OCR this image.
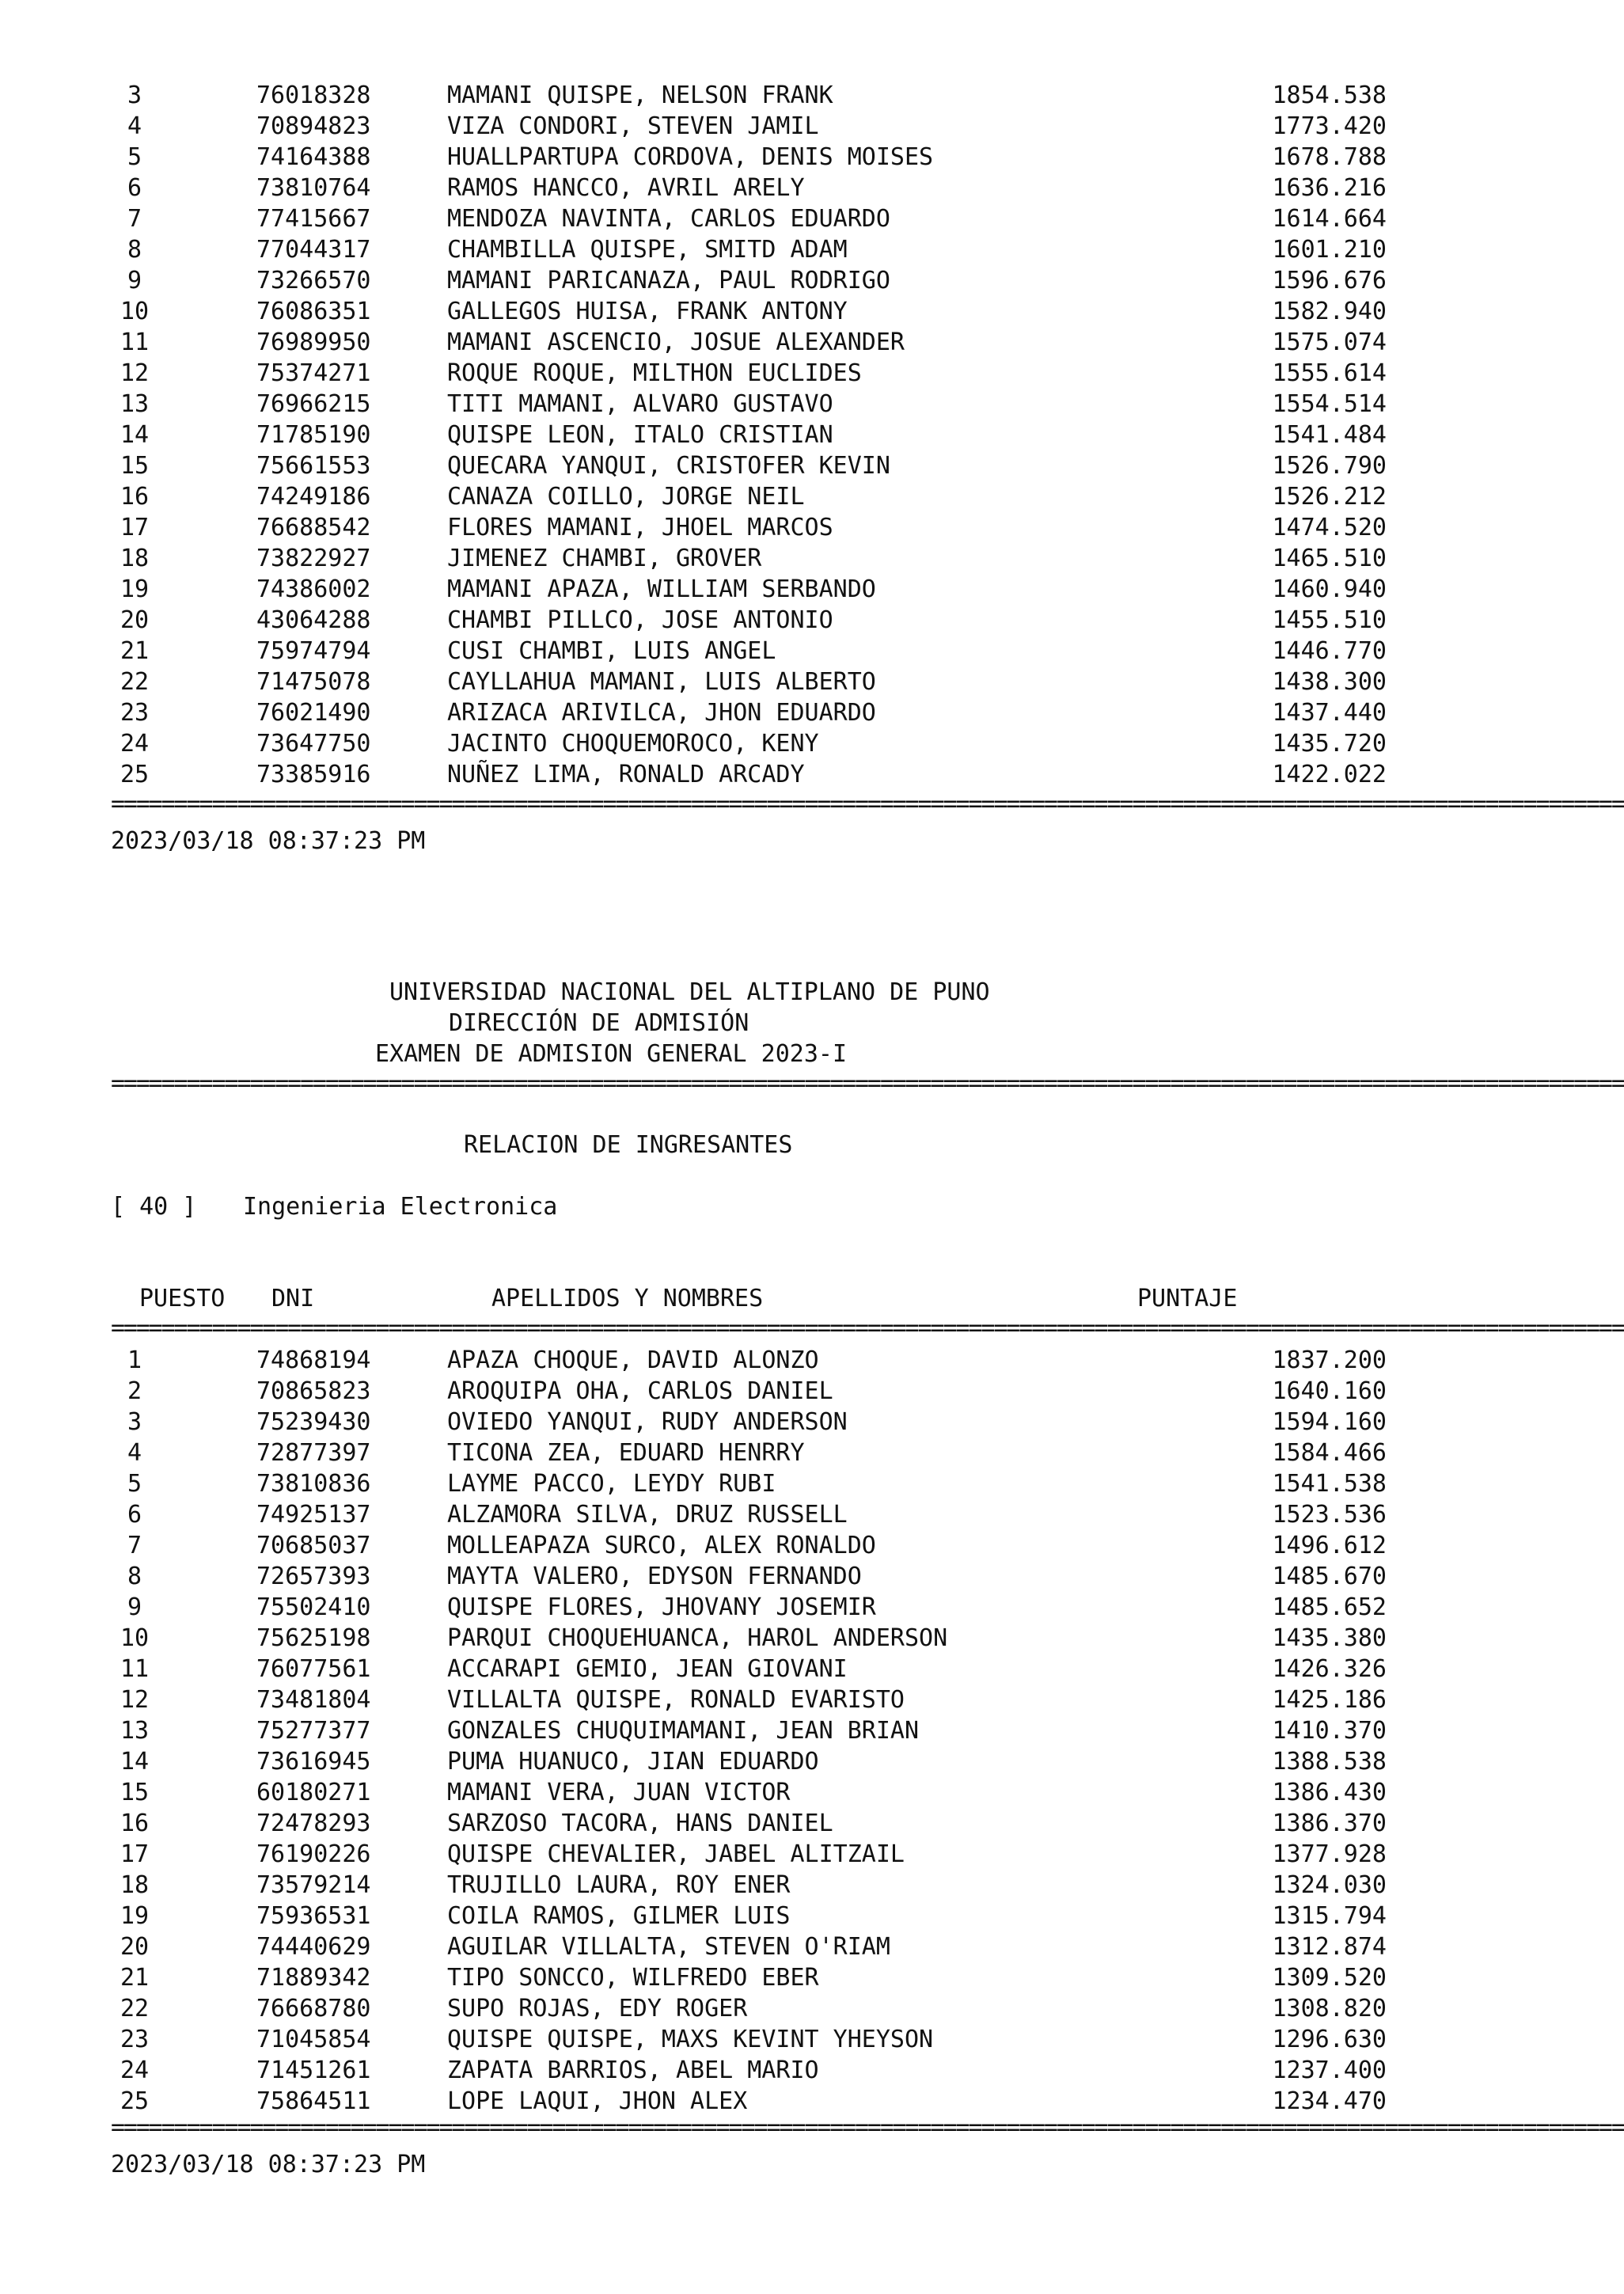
3	76018328	MAMANI QUISPE, NELSON FRANK	1854.538
4	70894823	VIZA CONDORI, STEVEN JAMIL	1773.420
5	74164388	HUALLPARTUPA CORDOVA, DENIS MOISES	1678.788
6	73810764	RAMOS HANCCO, AVRIL ARELY	1636.216
7	77415667	MENDOZA NAVINTA, CARLOS EDUARDO	1614.664
8	77044317	CHAMBILLA QUISPE, SMITD ADAM	1601.210
9	73266570	MAMANI PARICANAZA, PAUL RODRIGO	1596.676
10	76086351	GALLEGOS HUISA, FRANK ANTONY	1582.940
11	76989950	MAMANI ASCENCIO, JOSUE ALEXANDER	1575.074
12	75374271	ROQUE ROQUE, MILTHON EUCLIDES	1555.614
13	76966215	TITI MAMANI, ALVARO GUSTAVO	1554.514
14	71785190	QUISPE LEON, ITALO CRISTIAN	1541.484
15	75661553	QUECARA YANQUI, CRISTOFER KEVIN	1526.790
16	74249186	CANAZA COILLO, JORGE NEIL	1526.212
17	76688542	FLORES MAMANI, JHOEL MARCOS	1474.520
18	73822927	JIMENEZ CHAMBI, GROVER	1465.510
19	74386002	MAMANI APAZA, WILLIAM SERBANDO	1460.940
20	43064288	CHAMBI PILLCO, JOSE ANTONIO	1455.510
21	75974794	CUSI CHAMBI, LUIS ANGEL	1446.770
22	71475078	CAYLLAHUA MAMANI, LUIS ALBERTO	1438.300
23	76021490	ARIZACA ARIVILCA, JHON EDUARDO	1437.440
24	73647750	JACINTO CHOQUEMOROCO, KENY	1435.720
25	73385916	NUÑEZ LIMA, RONALD ARCADY	1422.022
========================================================================================================================
2023/03/18 08:37:23 PM
UNIVERSIDAD NACIONAL DEL ALTIPLANO DE PUNO
DIRECCIÓN DE ADMISIÓN
EXAMEN DE ADMISION GENERAL 2023-I
========================================================================================================================
RELACION DE INGRESANTES
[ 40 ] Ingenieria Electronica
PUESTO DNI	APELLIDOS Y NOMBRES	PUNTAJE
========================================================================================================================
1	74868194	APAZA CHOQUE, DAVID ALONZO	1837.200
2	70865823	AROQUIPA OHA, CARLOS DANIEL	1640.160
3	75239430	OVIEDO YANQUI, RUDY ANDERSON	1594.160
4	72877397	TICONA ZEA, EDUARD HENRRY	1584.466
5	73810836	LAYME PACCO, LEYDY RUBI	1541.538
6	74925137	ALZAMORA SILVA, DRUZ RUSSELL	1523.536
7	70685037	MOLLEAPAZA SURCO, ALEX RONALDO	1496.612
8	72657393	MAYTA VALERO, EDYSON FERNANDO	1485.670
9	75502410	QUISPE FLORES, JHOVANY JOSEMIR	1485.652
10	75625198	PARQUI CHOQUEHUANCA, HAROL ANDERSON	1435.380
11	76077561	ACCARAPI GEMIO, JEAN GIOVANI	1426.326
12	73481804	VILLALTA QUISPE, RONALD EVARISTO	1425.186
13	75277377	GONZALES CHUQUIMAMANI, JEAN BRIAN	1410.370
14	73616945	PUMA HUANUCO, JIAN EDUARDO	1388.538
15	60180271	MAMANI VERA, JUAN VICTOR	1386.430
16	72478293	SARZOSO TACORA, HANS DANIEL	1386.370
17	76190226	QUISPE CHEVALIER, JABEL ALITZAIL	1377.928
18	73579214	TRUJILLO LAURA, ROY ENER	1324.030
19	75936531	COILA RAMOS, GILMER LUIS	1315.794
20	74440629	AGUILAR VILLALTA, STEVEN O'RIAM	1312.874
21	71889342	TIPO SONCCO, WILFREDO EBER	1309.520
22	76668780	SUPO ROJAS, EDY ROGER	1308.820
23	71045854	QUISPE QUISPE, MAXS KEVINT YHEYSON	1296.630
24	71451261	ZAPATA BARRIOS, ABEL MARIO	1237.400
25	75864511	LOPE LAQUI, JHON ALEX	1234.470
========================================================================================================================
2023/03/18 08:37:23 PM
